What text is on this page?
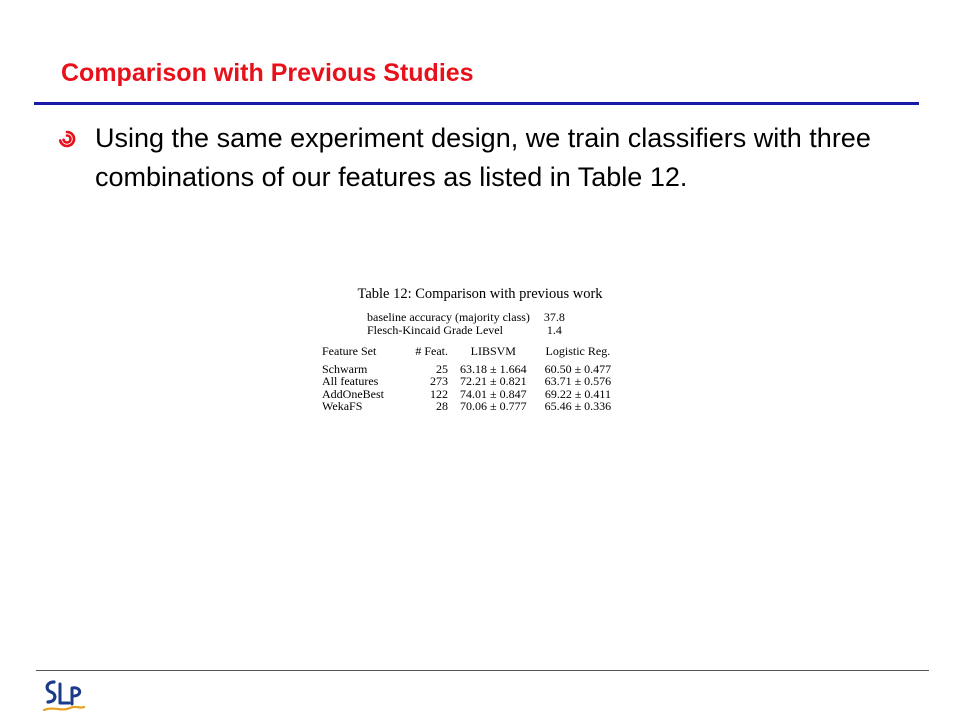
Comparison with Previous Studies
Using the same experiment design, we train classifiers with three combinations of our features as listed in Table 12.
Table 12: Comparison with previous work
baseline accuracy (majority class)	37.8
Flesch-Kincaid Grade Level	1.4
Feature Set	# Feat.	LIBSVM	Logistic Reg.
Schwarm	25	63.18 ± 1.664	60.50 ± 0.477
All features	273	72.21 ± 0.821	63.71 ± 0.576
AddOneBest	122	74.01 ± 0.847	69.22 ± 0.411
WekaFS	28	70.06 ± 0.777	65.46 ± 0.336
